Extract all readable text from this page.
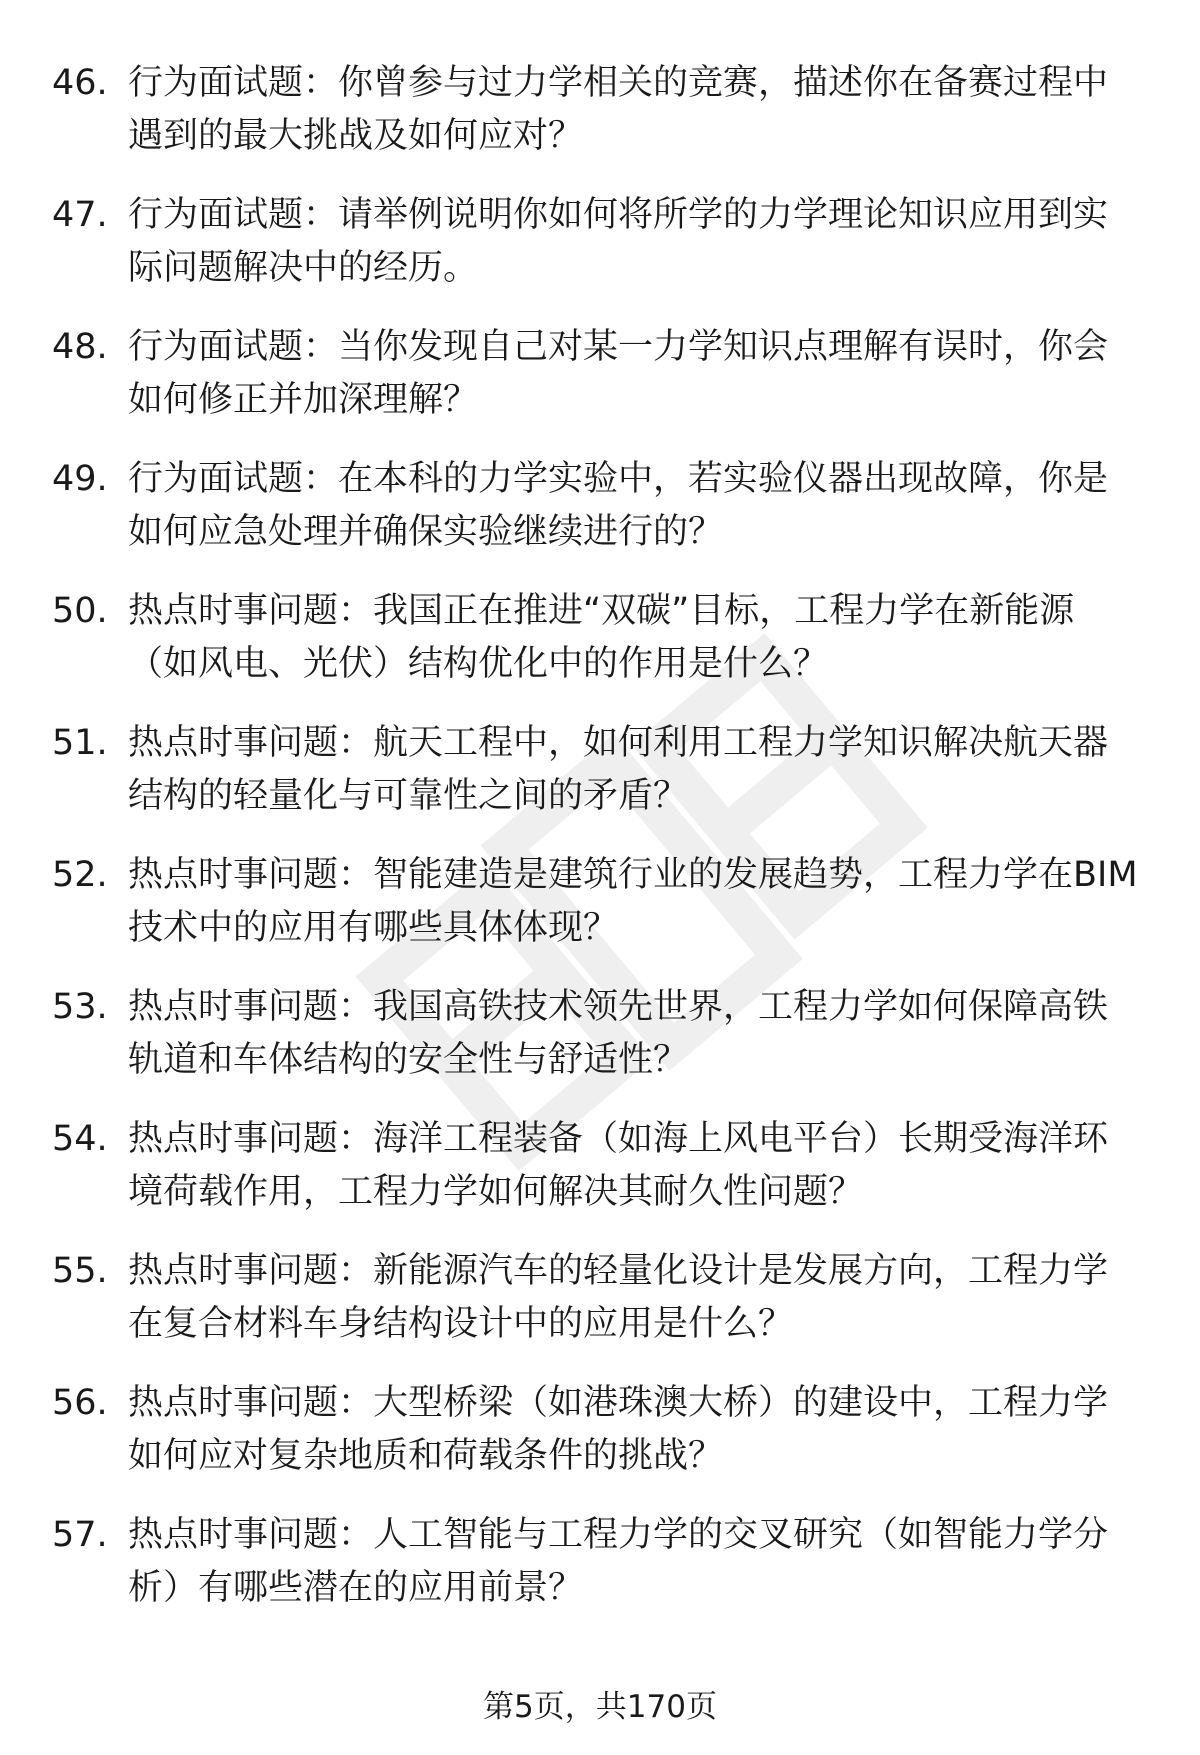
46. 行为面试题：你曾参与过力学相关的竞赛，描述你在备赛过程中遇到的最大挑战及如何应对？
47. 行为面试题：请举例说明你如何将所学的力学理论知识应用到实际问题解决中的经历。
48. 行为面试题：当你发现自己对某一力学知识点理解有误时，你会如何修正并加深理解？
49. 行为面试题：在本科的力学实验中，若实验仪器出现故障，你是如何应急处理并确保实验继续进行的？
50. 热点时事问题：我国正在推进“双碳”目标，工程力学在新能源（如风电、光伏）结构优化中的作用是什么？
51. 热点时事问题：航天工程中，如何利用工程力学知识解决航天器结构的轻量化与可靠性之间的矛盾？
52. 热点时事问题：智能建造是建筑行业的发展趋势，工程力学在BIM技术中的应用有哪些具体体现？
53. 热点时事问题：我国高铁技术领先世界，工程力学如何保障高铁轨道和车体结构的安全性与舒适性？
54. 热点时事问题：海洋工程装备（如海上风电平台）长期受海洋环境荷载作用，工程力学如何解决其耐久性问题？
55. 热点时事问题：新能源汽车的轻量化设计是发展方向，工程力学在复合材料车身结构设计中的应用是什么？
56. 热点时事问题：大型桥梁（如港珠澳大桥）的建设中，工程力学如何应对复杂地质和荷载条件的挑战？
57. 热点时事问题：人工智能与工程力学的交叉研究（如智能力学分析）有哪些潜在的应用前景？
第5页，共170页
